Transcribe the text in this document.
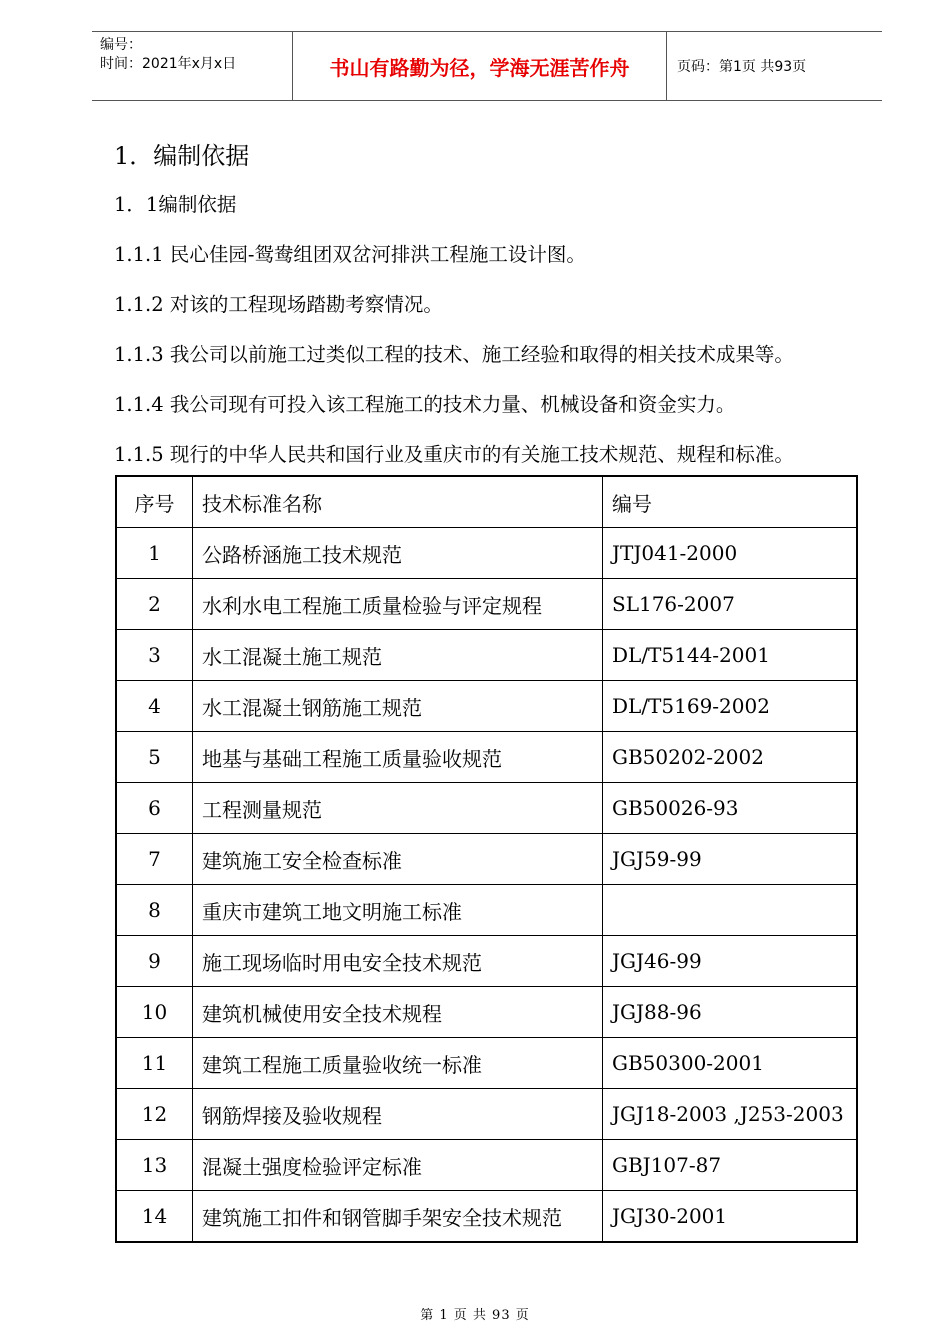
编号：
时间：2021年x月x日	书山有路勤为径，学海无涯苦作舟	页码：第1页 共93页
1．编制依据
1．1编制依据
1.1.1 民心佳园-鸳鸯组团双岔河排洪工程施工设计图。
1.1.2 对该的工程现场踏勘考察情况。
1.1.3 我公司以前施工过类似工程的技术、施工经验和取得的相关技术成果等。
1.1.4 我公司现有可投入该工程施工的技术力量、机械设备和资金实力。
1.1.5 现行的中华人民共和国行业及重庆市的有关施工技术规范、规程和标准。
序号	技术标准名称	编号
1	公路桥涵施工技术规范	JTJ041-2000
2	水利水电工程施工质量检验与评定规程	SL176-2007
3	水工混凝土施工规范	DL/T5144-2001
4	水工混凝土钢筋施工规范	DL/T5169-2002
5	地基与基础工程施工质量验收规范	GB50202-2002
6	工程测量规范	GB50026-93
7	建筑施工安全检查标准	JGJ59-99
8	重庆市建筑工地文明施工标准	
9	施工现场临时用电安全技术规范	JGJ46-99
10	建筑机械使用安全技术规程	JGJ88-96
11	建筑工程施工质量验收统一标准	GB50300-2001
12	钢筋焊接及验收规程	JGJ18-2003 ,J253-2003
13	混凝土强度检验评定标准	GBJ107-87
14	建筑施工扣件和钢管脚手架安全技术规范	JGJ30-2001
第 1 页 共 93 页
